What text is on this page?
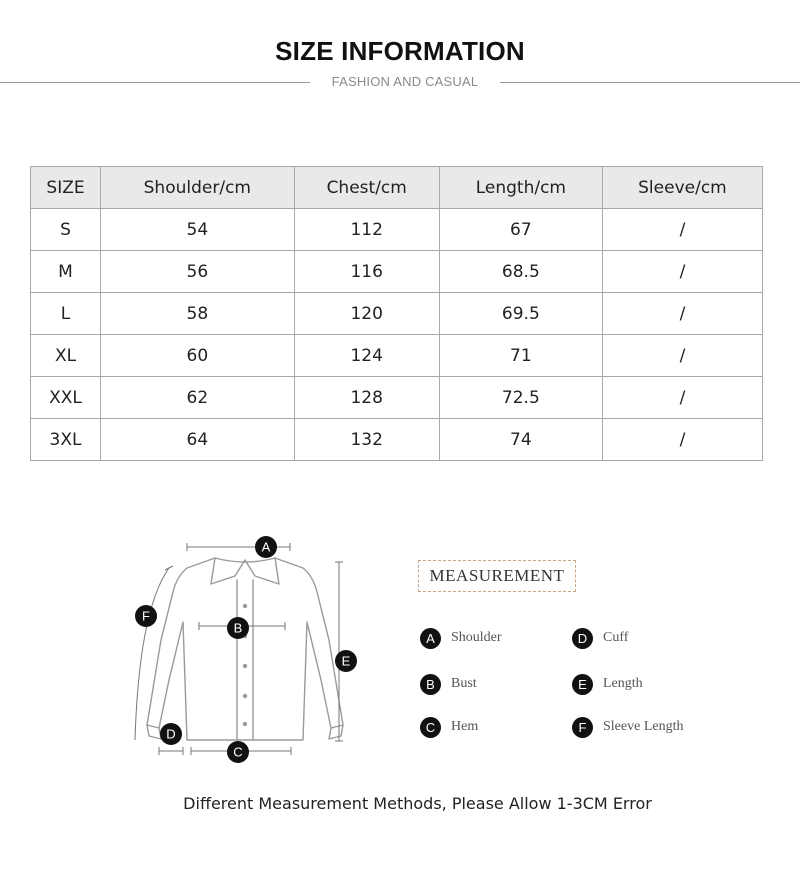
SIZE INFORMATION
FASHION AND CASUAL
SIZE	Shoulder/cm	Chest/cm	Length/cm	Sleeve/cm
S	54	112	67	/
M	56	116	68.5	/
L	58	120	69.5	/
XL	60	124	71	/
XXL	62	128	72.5	/
3XL	64	132	74	/
A
B
C
D
E
F
MEASUREMENT
A	Shoulder
B	Bust
C	Hem
D	Cuff
E	Length
F	Sleeve Length
Different Measurement Methods, Please Allow 1-3CM Error
